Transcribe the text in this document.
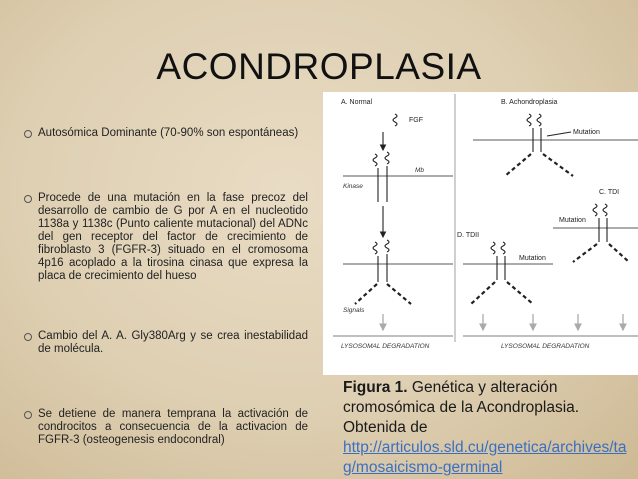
ACONDROPLASIA
Autosómica Dominante (70-90% son espontáneas)
Procede de una mutación en la fase precoz del desarrollo de cambio de G por A en el nucleotido 1138a y 1138c (Punto caliente mutacional) del ADNc del gen receptor del factor de crecimiento de fibroblasto 3 (FGFR-3) situado en el cromosoma 4p16 acoplado a la tirosina cinasa que expresa la placa de crecimiento del hueso
Cambio del A. A. Gly380Arg y se crea inestabilidad de molécula.
Se detiene de manera temprana la activación de condrocitos a consecuencia de la activacion de FGFR-3 (osteogenesis endocondral)
A. Normal	B. Achondroplasia
C. TDI
D. TDII
FGF
Mb
Kinase
Signals
Mutation
Mutation
Mutation
LYSOSOMAL DEGRADATION	LYSOSOMAL DEGRADATION
Figura 1. Genética y alteración cromosómica de la Acondroplasia. Obtenida de
http://articulos.sld.cu/genetica/archives/tag/mosaicismo-germinal
